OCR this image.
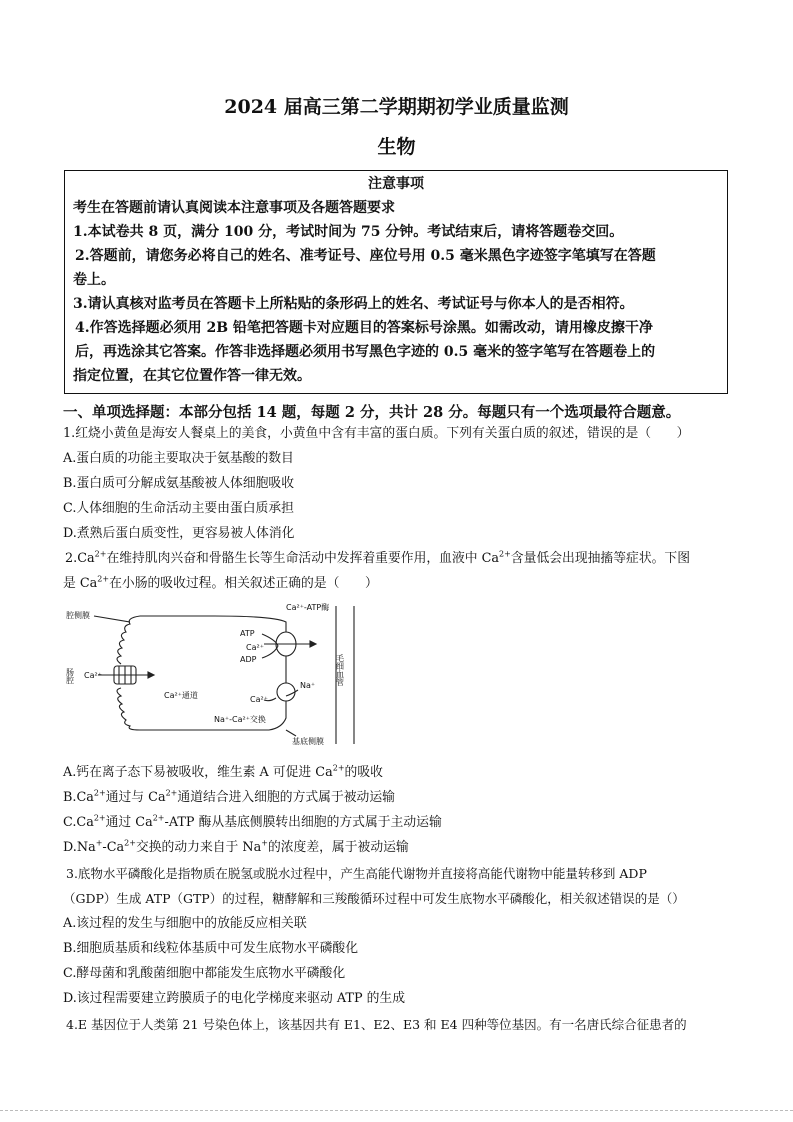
2024 届高三第二学期期初学业质量监测
生物
注意事项
考生在答题前请认真阅读本注意事项及各题答题要求
1.本试卷共 8 页，满分 100 分，考试时间为 75 分钟。考试结束后，请将答题卷交回。
2.答题前，请您务必将自己的姓名、准考证号、座位号用 0.5 毫米黑色字迹签字笔填写在答题
卷上。
3.请认真核对监考员在答题卡上所粘贴的条形码上的姓名、考试证号与你本人的是否相符。
4.作答选择题必须用 2B 铅笔把答题卡对应题目的答案标号涂黑。如需改动，请用橡皮擦干净
后，再选涂其它答案。作答非选择题必须用书写黑色字迹的 0.5 毫米的签字笔写在答题卷上的
指定位置，在其它位置作答一律无效。
一、单项选择题：本部分包括 14 题，每题 2 分，共计 28 分。每题只有一个选项最符合题意。
1.红烧小黄鱼是海安人餐桌上的美食，小黄鱼中含有丰富的蛋白质。下列有关蛋白质的叙述，错误的是（　　）
A.蛋白质的功能主要取决于氨基酸的数目
B.蛋白质可分解成氨基酸被人体细胞吸收
C.人体细胞的生命活动主要由蛋白质承担
D.煮熟后蛋白质变性，更容易被人体消化
$2.Ca^{2+}$在维持肌肉兴奋和骨骼生长等生命活动中发挥着重要作用，血液中 $Ca^{2+}$含量低会出现抽搐等症状。下图
是 $Ca^{2+}$在小肠的吸收过程。相关叙述正确的是（　　）
腔侧膜
肠腔 Ca²⁺
Ca²⁺通道
Ca²⁺-ATP酶
ATP
Ca²⁺
ADP
Ca²⁺
Na⁺
Na⁺-Ca²⁺交换
基底侧膜
毛细血管
A.钙在离子态下易被吸收，维生素 A 可促进 $Ca^{2+}$的吸收
$B.Ca^{2+}$通过与 $Ca^{2+}$通道结合进入细胞的方式属于被动运输
$C.Ca^{2+}$通过 $Ca^{2+}$-ATP 酶从基底侧膜转出细胞的方式属于主动运输
$D.Na^+-Ca^{2+}$交换的动力来自于 Na+的浓度差，属于被动运输
3.底物水平磷酸化是指物质在脱氢或脱水过程中，产生高能代谢物并直接将高能代谢物中能量转移到 ADP
（GDP）生成 ATP（GTP）的过程，糖酵解和三羧酸循环过程中可发生底物水平磷酸化，相关叙述错误的是（）
A.该过程的发生与细胞中的放能反应相关联
B.细胞质基质和线粒体基质中可发生底物水平磷酸化
C.酵母菌和乳酸菌细胞中都能发生底物水平磷酸化
D.该过程需要建立跨膜质子的电化学梯度来驱动 ATP 的生成
4.E 基因位于人类第 21 号染色体上，该基因共有 E1、E2、E3 和 E4 四种等位基因。有一名唐氏综合征患者的
